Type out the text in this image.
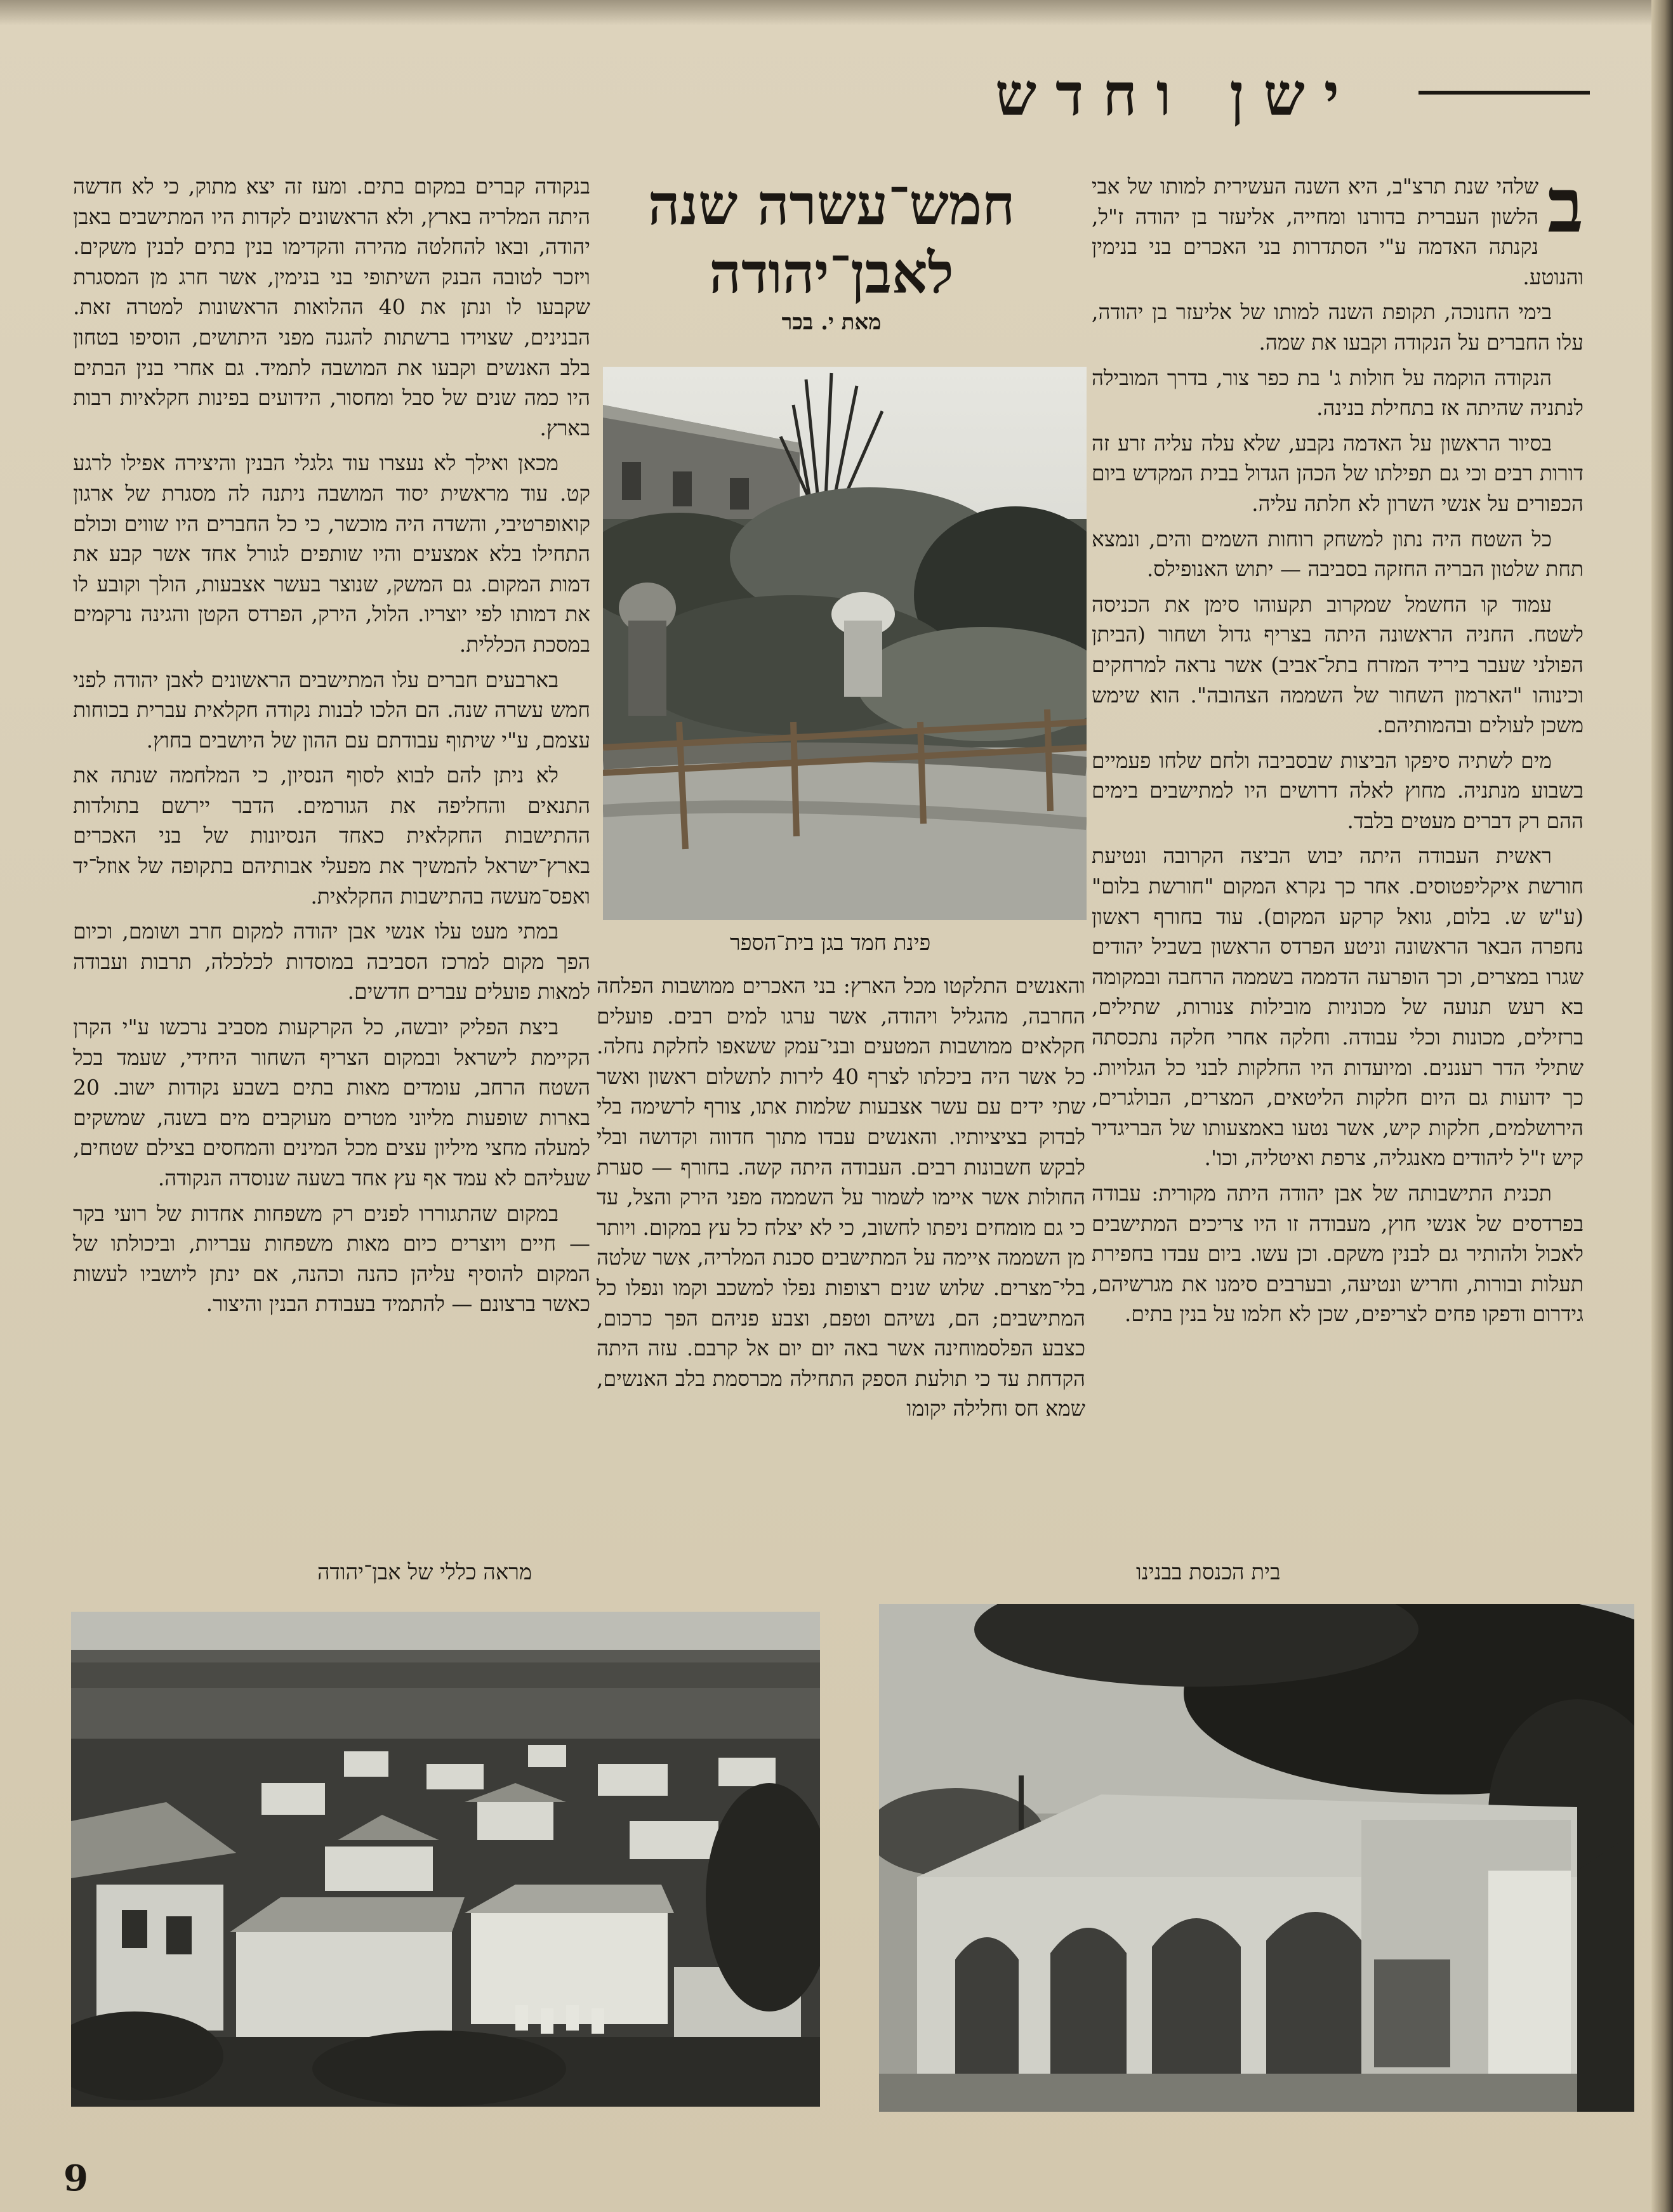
ישן וחדש

ב
שלהי שנת תרצ"ב, היא השנה העשירית למותו של אבי הלשון העברית בדורנו ומחייה, אליעזר בן יהודה ז"ל, נקנתה האדמה ע"י הסתדרות בני האכרים בני בנימין והנוטע.

בימי החנוכה, תקופת השנה למותו של אליעזר בן יהודה, עלו החברים על הנקודה וקבעו את שמה.

הנקודה הוקמה על חולות ג' בת כפר צור, בדרך המובילה לנתניה שהיתה אז בתחילת בנינה.

בסיור הראשון על האדמה נקבע, שלא עלה עליה זרע זה דורות רבים וכי גם תפילתו של הכהן הגדול בבית המקדש ביום הכפורים על אנשי השרון לא חלתה עליה.

כל השטח היה נתון למשחק רוחות השמים והים, ונמצא תחת שלטון הבריה החזקה בסביבה — יתוש האנופילס.

עמוד קו החשמל שמקרוב תקעוהו סימן את הכניסה לשטח. החניה הראשונה היתה בצריף גדול ושחור (הביתן הפולני שעבר ביריד המזרח בתל־אביב) אשר נראה למרחקים וכינוהו "הארמון השחור של השממה הצהובה". הוא שימש משכן לעולים ובהמותיהם.

מים לשתיה סיפקו הביצות שבסביבה ולחם שלחו פעמיים בשבוע מנתניה. מחוץ לאלה דרושים היו למתישבים בימים ההם רק דברים מעטים בלבד.

ראשית העבודה היתה יבוש הביצה הקרובה ונטיעת חורשת איקליפטוסים. אחר כך נקרא המקום "חורשת בלום" (ע"ש ש. בלום, גואל קרקע המקום). עוד בחורף ראשון נחפרה הבאר הראשונה וניטע הפרדס הראשון בשביל יהודים שגרו במצרים, וכך הופרעה הדממה בשממה הרחבה ובמקומה בא רעש תנועה של מכוניות מובילות צנורות, שתילים, ברזילים, מכונות וכלי עבודה. וחלקה אחרי חלקה נתכסתה שתילי הדר רעננים. ומיועדות היו החלקות לבני כל הגלויות. כך ידועות גם היום חלקות הליטאים, המצרים, הבולגרים, הירושלמים, חלקות קיש, אשר נטעו באמצעותו של הבריגדיר קיש ז"ל ליהודים מאנגליה, צרפת ואיטליה, וכו'.

תכנית התישבותה של אבן יהודה היתה מקורית: עבודה בפרדסים של אנשי חוץ, מעבודה זו היו צריכים המתישבים לאכול ולהותיר גם לבנין משקם. וכן עשו. ביום עבדו בחפירת תעלות ובורות, וחריש ונטיעה, ובערבים סימנו את מגרשיהם, גידרום ודפקו פחים לצריפים, שכן לא חלמו על בנין בתים.

חמש־עשרה שנה
לאבן־יהודה
מאת י. בכר
פינת חמד בגן בית־הספר

והאנשים התלקטו מכל הארץ: בני האכרים ממושבות הפלחה החרבה, מהגליל ויהודה, אשר ערגו למים רבים. פועלים חקלאים ממושבות המטעים ובני־עמק ששאפו לחלקת נחלה. כל אשר היה ביכלתו לצרף 40 לירות לתשלום ראשון ואשר שתי ידים עם עשר אצבעות שלמות אתו, צורף לרשימה בלי לבדוק בציציותיו. והאנשים עבדו מתוך חדווה וקדושה ובלי לבקש חשבונות רבים. העבודה היתה קשה. בחורף — סערת החולות אשר איימו לשמור על השממה מפני הירק והצל, עד כי גם מומחים ניפתו לחשוב, כי לא יצלח כל עץ במקום. ויותר מן השממה איימה על המתישבים סכנת המלריה, אשר שלטה בלי־מצרים. שלוש שנים רצופות נפלו למשכב וקמו ונפלו כל המתישבים; הם, נשיהם וטפם, וצבע פניהם הפך כרכום, כצבע הפלסמוחינה אשר באה יום יום אל קרבם. עזה היתה הקדחת עד כי תולעת הספק התחילה מכרסמת בלב האנשים, שמא חס וחלילה יקומו

בנקודה קברים במקום בתים. ומעז זה יצא מתוק, כי לא חדשה היתה המלריה בארץ, ולא הראשונים לקדות היו המתישבים באבן יהודה, ובאו להחלטה מהירה והקדימו בנין בתים לבנין משקים. ויזכר לטובה הבנק השיתופי בני בנימין, אשר חרג מן המסגרת שקבעו לו ונתן את 40 ההלואות הראשונות למטרה זאת. הבנינים, שצוידו ברשתות להגנה מפני היתושים, הוסיפו בטחון בלב האנשים וקבעו את המושבה לתמיד. גם אחרי בנין הבתים היו כמה שנים של סבל ומחסור, הידועים בפינות חקלאיות רבות בארץ.

מכאן ואילך לא נעצרו עוד גלגלי הבנין והיצירה אפילו לרגע קט. עוד מראשית יסוד המושבה ניתנה לה מסגרת של ארגון קואופרטיבי, והשדה היה מוכשר, כי כל החברים היו שווים וכולם התחילו בלא אמצעים והיו שותפים לגורל אחד אשר קבע את דמות המקום. גם המשק, שנוצר בעשר אצבעות, הולך וקובע לו את דמותו לפי יוצריו. הלול, הירק, הפרדס הקטן והגינה נרקמים במסכת הכללית.

בארבעים חברים עלו המתישבים הראשונים לאבן יהודה לפני חמש עשרה שנה. הם הלכו לבנות נקודה חקלאית עברית בכוחות עצמם, ע"י שיתוף עבודתם עם ההון של היושבים בחוץ.

לא ניתן להם לבוא לסוף הנסיון, כי המלחמה שנתה את התנאים והחליפה את הגורמים. הדבר יירשם בתולדות ההתישבות החקלאית כאחד הנסיונות של בני האכרים בארץ־ישראל להמשיך את מפעלי אבותיהם בתקופה של אוזל־יד ואפס־מעשה בהתישבות החקלאית.

במתי מעט עלו אנשי אבן יהודה למקום חרב ושומם, וכיום הפך מקום למרכז הסביבה במוסדות לכלכלה, תרבות ועבודה למאות פועלים עברים חדשים.

ביצת הפליק יובשה, כל הקרקעות מסביב נרכשו ע"י הקרן הקיימת לישראל ובמקום הצריף השחור היחידי, שעמד בכל השטח הרחב, עומדים מאות בתים בשבע נקודות ישוב. 20 בארות שופעות מליוני מטרים מעוקבים מים בשנה, שמשקים למעלה מחצי מיליון עצים מכל המינים והמחסים בצילם שטחים, שעליהם לא עמד אף עץ אחד בשעה שנוסדה הנקודה.

במקום שהתגוררו לפנים רק משפחות אחדות של רועי בקר — חיים ויוצרים כיום מאות משפחות עבריות, וביכולתו של המקום להוסיף עליהן כהנה וכהנה, אם ינתן ליושביו לעשות כאשר ברצונם — להתמיד בעבודת הבנין והיצור.

מראה כללי של אבן־יהודה	בית הכנסת בבנינו
9
